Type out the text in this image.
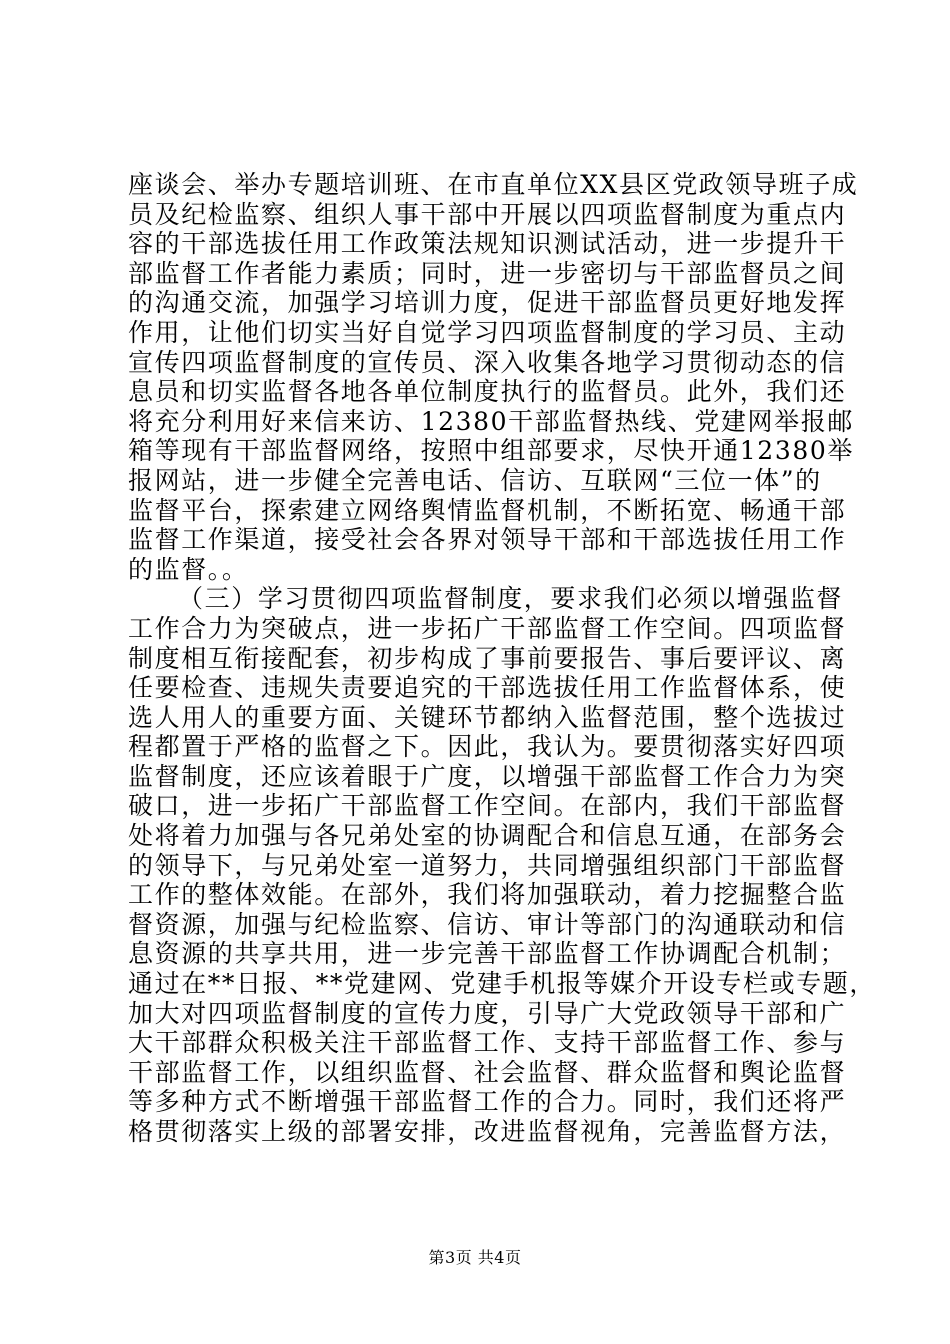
座谈会、举办专题培训班、在市直单位XX县区党政领导班子成
员及纪检监察、组织人事干部中开展以四项监督制度为重点内
容的干部选拔任用工作政策法规知识测试活动，进一步提升干
部监督工作者能力素质；同时，进一步密切与干部监督员之间
的沟通交流，加强学习培训力度，促进干部监督员更好地发挥
作用，让他们切实当好自觉学习四项监督制度的学习员、主动
宣传四项监督制度的宣传员、深入收集各地学习贯彻动态的信
息员和切实监督各地各单位制度执行的监督员。此外，我们还
将充分利用好来信来访、12380干部监督热线、党建网举报邮
箱等现有干部监督网络，按照中组部要求，尽快开通12380举
报网站，进一步健全完善电话、信访、互联网“三位一体”的
监督平台，探索建立网络舆情监督机制，不断拓宽、畅通干部
监督工作渠道，接受社会各界对领导干部和干部选拔任用工作
的监督。。
（三）学习贯彻四项监督制度，要求我们必须以增强监督
工作合力为突破点，进一步拓广干部监督工作空间。四项监督
制度相互衔接配套，初步构成了事前要报告、事后要评议、离
任要检查、违规失责要追究的干部选拔任用工作监督体系，使
选人用人的重要方面、关键环节都纳入监督范围，整个选拔过
程都置于严格的监督之下。因此，我认为。要贯彻落实好四项
监督制度，还应该着眼于广度，以增强干部监督工作合力为突
破口，进一步拓广干部监督工作空间。在部内，我们干部监督
处将着力加强与各兄弟处室的协调配合和信息互通，在部务会
的领导下，与兄弟处室一道努力，共同增强组织部门干部监督
工作的整体效能。在部外，我们将加强联动，着力挖掘整合监
督资源，加强与纪检监察、信访、审计等部门的沟通联动和信
息资源的共享共用，进一步完善干部监督工作协调配合机制；
通过在**日报、**党建网、党建手机报等媒介开设专栏或专题，
加大对四项监督制度的宣传力度，引导广大党政领导干部和广
大干部群众积极关注干部监督工作、支持干部监督工作、参与
干部监督工作，以组织监督、社会监督、群众监督和舆论监督
等多种方式不断增强干部监督工作的合力。同时，我们还将严
格贯彻落实上级的部署安排，改进监督视角，完善监督方法，
第3页 共4页
